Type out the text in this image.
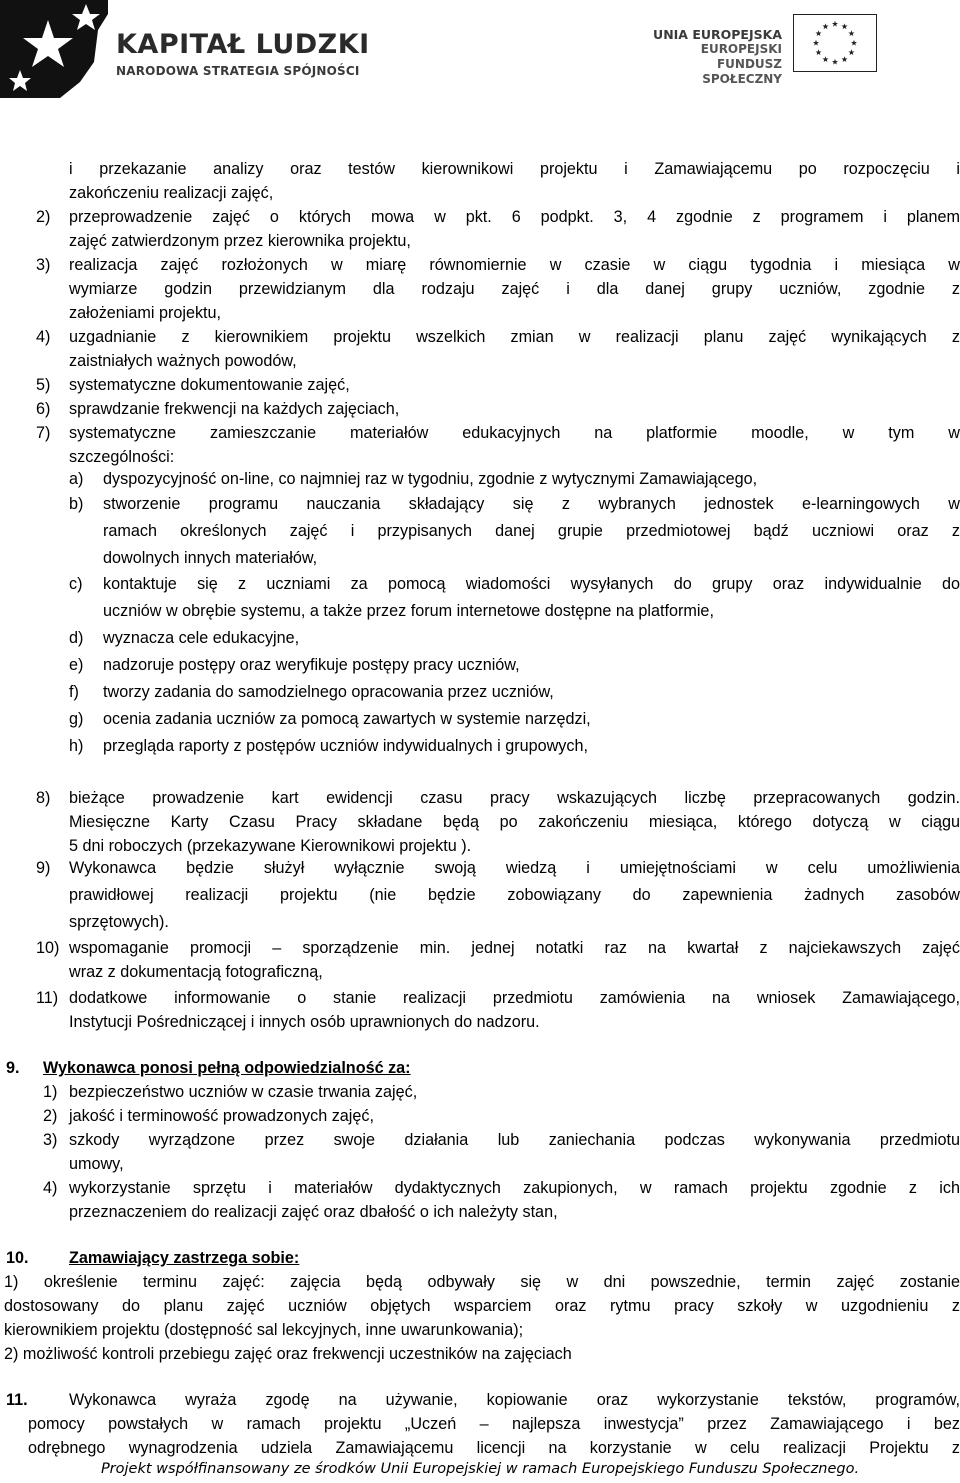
KAPITAŁ LUDZKI
NARODOWA STRATEGIA SPÓJNOŚCI
UNIA EUROPEJSKA
EUROPEJSKI
FUNDUSZ SPOŁECZNY
i przekazanie analizy oraz testów kierownikowi projektu i Zamawiającemu po rozpoczęciu i
zakończeniu realizacji zajęć,
przeprowadzenie zajęć o których mowa w pkt. 6 podpkt. 3, 4 zgodnie z programem i planem
zajęć zatwierdzonym przez kierownika projektu,
realizacja zajęć rozłożonych w miarę równomiernie w czasie w ciągu tygodnia i miesiąca w
wymiarze godzin przewidzianym dla rodzaju zajęć i dla danej grupy uczniów, zgodnie z
założeniami projektu,
uzgadnianie z kierownikiem projektu wszelkich zmian w realizacji planu zajęć wynikających z
zaistniałych ważnych powodów,
systematyczne dokumentowanie zajęć,
sprawdzanie frekwencji na każdych zajęciach,
systematyczne zamieszczanie materiałów edukacyjnych na platformie moodle, w tym w
szczególności:
2)
3)
4)
5)
6)
7)
a) dyspozycyjność on-line, co najmniej raz w tygodniu, zgodnie z wytycznymi Zamawiającego,
b) stworzenie programu nauczania składający się z wybranych jednostek e-learningowych w
ramach określonych zajęć i przypisanych danej grupie przedmiotowej bądź uczniowi oraz z
dowolnych innych materiałów,
c) kontaktuje się z uczniami za pomocą wiadomości wysyłanych do grupy oraz indywidualnie do
uczniów w obrębie systemu, a także przez forum internetowe dostępne na platformie,
d) wyznacza cele edukacyjne,
e) nadzoruje postępy oraz weryfikuje postępy pracy uczniów,
f) tworzy zadania do samodzielnego opracowania przez uczniów,
g) ocenia zadania uczniów za pomocą zawartych w systemie narzędzi,
h) przegląda raporty z postępów uczniów indywidualnych i grupowych,
8) bieżące prowadzenie kart ewidencji czasu pracy wskazujących liczbę przepracowanych godzin.
Miesięczne Karty Czasu Pracy składane będą po zakończeniu miesiąca, którego dotyczą w ciągu
5 dni roboczych (przekazywane Kierownikowi projektu ).
9) Wykonawca będzie służył wyłącznie swoją wiedzą i umiejętnościami w celu umożliwienia
prawidłowej realizacji projektu (nie będzie zobowiązany do zapewnienia żadnych zasobów
sprzętowych).
10) wspomaganie promocji – sporządzenie min. jednej notatki raz na kwartał z najciekawszych zajęć
wraz z dokumentacją fotograficzną,
11) dodatkowe informowanie o stanie realizacji przedmiotu zamówienia na wniosek Zamawiającego,
Instytucji Pośredniczącej i innych osób uprawnionych do nadzoru.
9. Wykonawca ponosi pełną odpowiedzialność za:
1) bezpieczeństwo uczniów w czasie trwania zajęć,
2) jakość i terminowość prowadzonych zajęć,
3) szkody wyrządzone przez swoje działania lub zaniechania podczas wykonywania przedmiotu
umowy,
4) wykorzystanie sprzętu i materiałów dydaktycznych zakupionych, w ramach projektu zgodnie z ich
przeznaczeniem do realizacji zajęć oraz dbałość o ich należyty stan,
10. Zamawiający zastrzega sobie:
1) określenie terminu zajęć: zajęcia będą odbywały się w dni powszednie, termin zajęć zostanie
dostosowany do planu zajęć uczniów objętych wsparciem oraz rytmu pracy szkoły w uzgodnieniu z
kierownikiem projektu (dostępność sal lekcyjnych, inne uwarunkowania);
2) możliwość kontroli przebiegu zajęć oraz frekwencji uczestników na zajęciach
11.	Wykonawca wyraża zgodę na używanie, kopiowanie oraz wykorzystanie tekstów, programów,
pomocy powstałych w ramach projektu „Uczeń – najlepsza inwestycja” przez Zamawiającego i bez
odrębnego wynagrodzenia udziela Zamawiającemu licencji na korzystanie w celu realizacji Projektu z
Projekt współfinansowany ze środków Unii Europejskiej w ramach Europejskiego Funduszu Społecznego.
